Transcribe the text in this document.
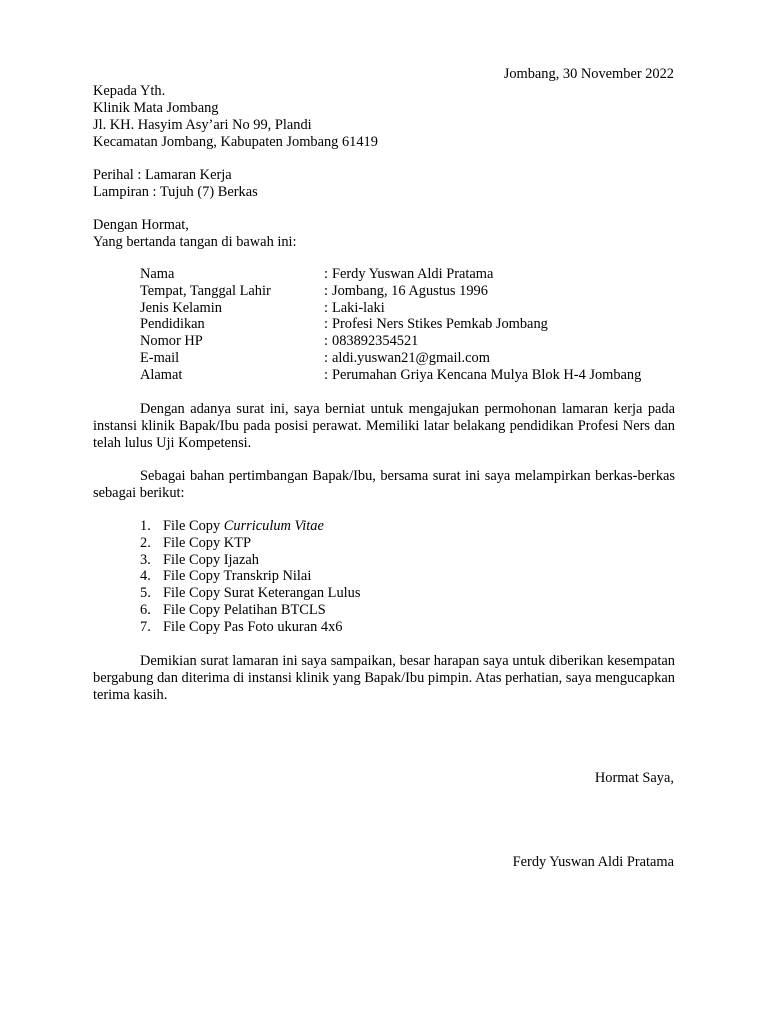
Jombang, 30 November 2022
Kepada Yth.
Klinik Mata Jombang
Jl. KH. Hasyim Asy’ari No 99, Plandi
Kecamatan Jombang, Kabupaten Jombang 61419
Perihal : Lamaran Kerja
Lampiran : Tujuh (7) Berkas
Dengan Hormat,
Yang bertanda tangan di bawah ini:
Nama	: Ferdy Yuswan Aldi Pratama
Tempat, Tanggal Lahir	: Jombang, 16 Agustus 1996
Jenis Kelamin	: Laki-laki
Pendidikan	: Profesi Ners Stikes Pemkab Jombang
Nomor HP	: 083892354521
E-mail	: aldi.yuswan21@gmail.com
Alamat	: Perumahan Griya Kencana Mulya Blok H-4 Jombang

Dengan adanya surat ini, saya berniat untuk mengajukan permohonan lamaran kerja pada instansi klinik Bapak/Ibu pada posisi perawat. Memiliki latar belakang pendidikan Profesi Ners dan telah lulus Uji Kompetensi.

Sebagai bahan pertimbangan Bapak/Ibu, bersama surat ini saya melampirkan berkas-berkas sebagai berikut:

1. File Copy Curriculum Vitae
2. File Copy KTP
3. File Copy Ijazah
4. File Copy Transkrip Nilai
5. File Copy Surat Keterangan Lulus
6. File Copy Pelatihan BTCLS
7. File Copy Pas Foto ukuran 4x6

Demikian surat lamaran ini saya sampaikan, besar harapan saya untuk diberikan kesempatan bergabung dan diterima di instansi klinik yang Bapak/Ibu pimpin. Atas perhatian, saya mengucapkan terima kasih.

Hormat Saya,
Ferdy Yuswan Aldi Pratama
